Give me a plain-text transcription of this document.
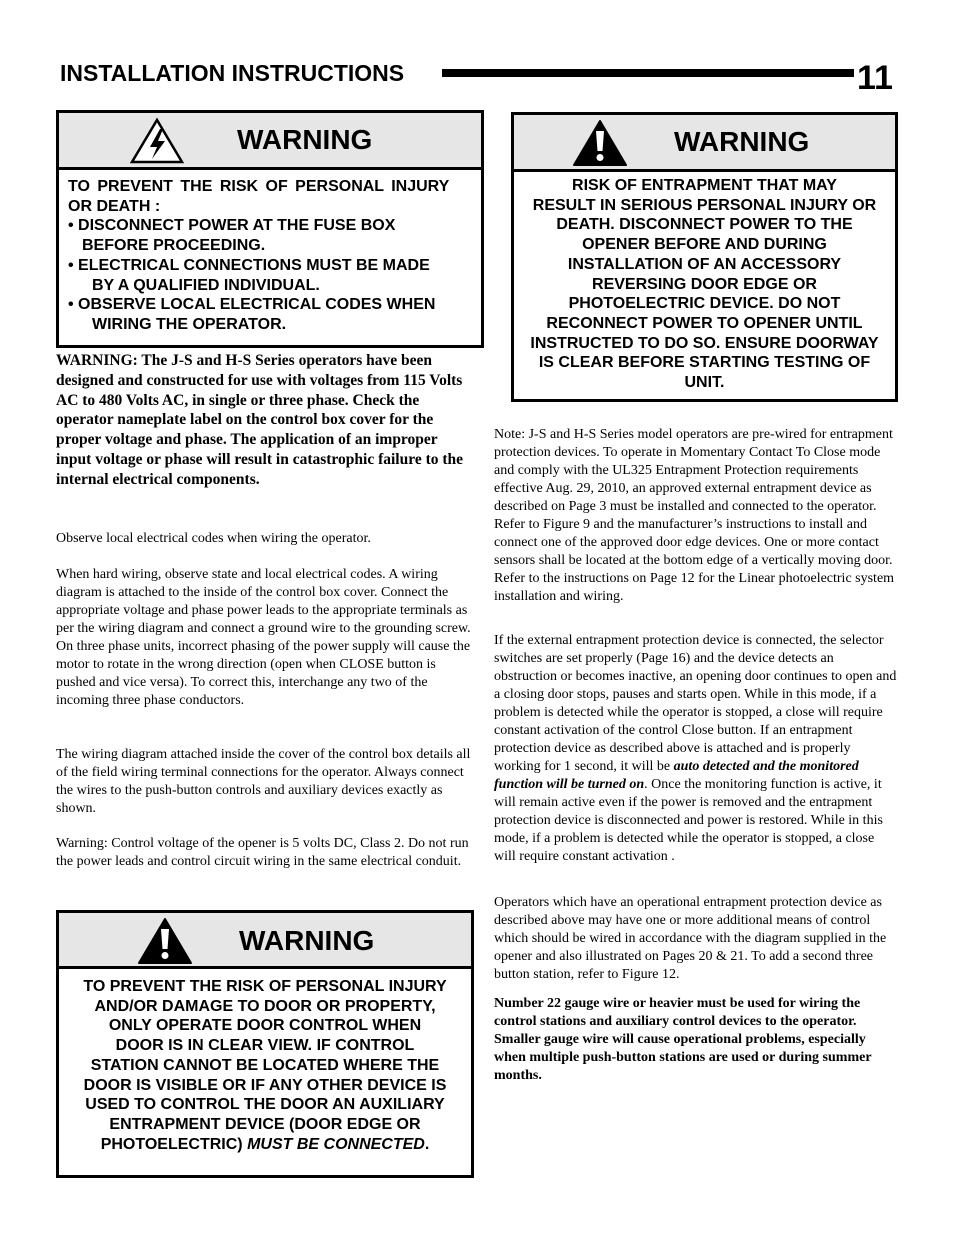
INSTALLATION INSTRUCTIONS	11
WARNING

TO PREVENT THE RISK OF PERSONAL INJURY

OR DEATH :

• DISCONNECT POWER AT THE FUSE BOX

BEFORE PROCEEDING.

• ELECTRICAL CONNECTIONS MUST BE MADE

BY A QUALIFIED INDIVIDUAL.

• OBSERVE LOCAL ELECTRICAL CODES WHEN

WIRING THE OPERATOR.

WARNING: The J-S and H-S Series operators have been designed and constructed for use with voltages from 115 Volts AC to 480 Volts AC, in single or three phase. Check the operator nameplate label on the control box cover for the proper voltage and phase. The application of an improper input voltage or phase will result in catastrophic failure to the internal electrical components.
Observe local electrical codes when wiring the operator.
When hard wiring, observe state and local electrical codes. A wiring diagram is attached to the inside of the control box cover. Connect the appropriate voltage and phase power leads to the appropriate terminals as per the wiring diagram and connect a ground wire to the grounding screw. On three phase units, incorrect phasing of the power supply will cause the motor to rotate in the wrong direction (open when CLOSE button is pushed and vice versa). To correct this, interchange any two of the incoming three phase conductors.
The wiring diagram attached inside the cover of the control box details all of the field wiring terminal connections for the operator. Always connect the wires to the push-button controls and auxiliary devices exactly as shown.
Warning: Control voltage of the opener is 5 volts DC, Class 2. Do not run the power leads and control circuit wiring in the same electrical conduit.
WARNING

TO PREVENT THE RISK OF PERSONAL INJURY

AND/OR DAMAGE TO DOOR OR PROPERTY,

ONLY OPERATE DOOR CONTROL WHEN

DOOR IS IN CLEAR VIEW. IF CONTROL

STATION CANNOT BE LOCATED WHERE THE

DOOR IS VISIBLE OR IF ANY OTHER DEVICE IS

USED TO CONTROL THE DOOR AN AUXILIARY

ENTRAPMENT DEVICE (DOOR EDGE OR

PHOTOELECTRIC) MUST BE CONNECTED.

WARNING

RISK OF ENTRAPMENT THAT MAY

RESULT IN SERIOUS PERSONAL INJURY OR

DEATH. DISCONNECT POWER TO THE

OPENER BEFORE AND DURING

INSTALLATION OF AN ACCESSORY

REVERSING DOOR EDGE OR

PHOTOELECTRIC DEVICE. DO NOT

RECONNECT POWER TO OPENER UNTIL

INSTRUCTED TO DO SO. ENSURE DOORWAY

IS CLEAR BEFORE STARTING TESTING OF

UNIT.

Note: J-S and H-S Series model operators are pre-wired for entrapment protection devices. To operate in Momentary Contact To Close mode and comply with the UL325 Entrapment Protection requirements effective Aug. 29, 2010, an approved external entrapment device as described on Page 3 must be installed and connected to the operator. Refer to Figure 9 and the manufacturer’s instructions to install and connect one of the approved door edge devices. One or more contact sensors shall be located at the bottom edge of a vertically moving door. Refer to the instructions on Page 12 for the Linear photoelectric system installation and wiring.
If the external entrapment protection device is connected, the selector switches are set properly (Page 16) and the device detects an obstruction or becomes inactive, an opening door continues to open and a closing door stops, pauses and starts open. While in this mode, if a problem is detected while the operator is stopped, a close will require constant activation of the control Close button. If an entrapment protection device as described above is attached and is properly working for 1 second, it will be auto detected and the monitored function will be turned on. Once the monitoring function is active, it will remain active even if the power is removed and the entrapment protection device is disconnected and power is restored. While in this mode, if a problem is detected while the operator is stopped, a close will require constant activation .
Operators which have an operational entrapment protection device as described above may have one or more additional means of control which should be wired in accordance with the diagram supplied in the opener and also illustrated on Pages 20 & 21. To add a second three button station, refer to Figure 12.
Number 22 gauge wire or heavier must be used for wiring the control stations and auxiliary control devices to the operator. Smaller gauge wire will cause operational problems, especially when multiple push-button stations are used or during summer months.
